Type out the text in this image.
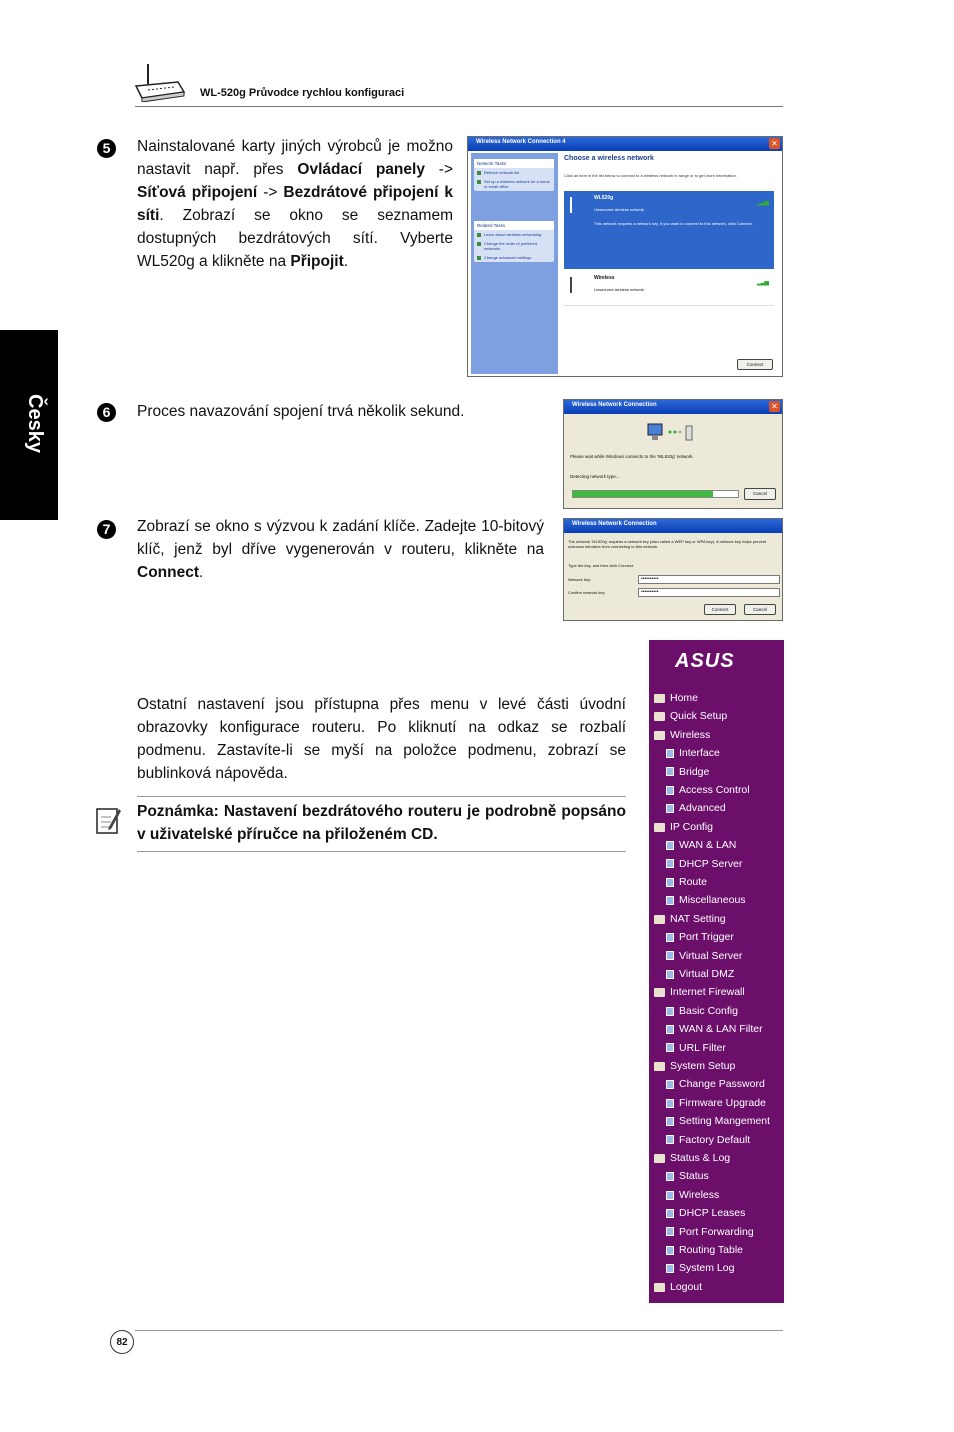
WL-520g Průvodce rychlou konfiguraci
Česky
5	Nainstalované karty jiných výrobců je možno nastavit např. přes Ovládací panely -> Síťová připojení -> Bezdrátové připojení k síti. Zobrazí se okno se seznamem dostupných bezdrátových sítí. Vyberte WL520g a klikněte na Připojit.
Wireless Network Connection 4	✕
Network Tasks
Refresh network list
Set up a wireless network for a home or small office
Related Tasks
Learn about wireless networking
Change the order of preferred networks
Change advanced settings
Choose a wireless network
Click an item in the list below to connect to a wireless network in range or to get more information.
WL520g
Unsecured wireless network
This network requires a network key. If you want to connect to this network, click Connect.
▂▃▅
Wireless
Unsecured wireless network
▂▃▅
Connect
6	Proces navazování spojení trvá několik sekund.	Wireless Network Connection	✕
Please wait while Windows connects to the 'WL520g' network.
Detecting network type...
Cancel
7	Zobrazí se okno s výzvou k zadání klíče. Zadejte 10-bitový klíč, jenž byl dříve vygenerován v routeru, klikněte na Connect.
Wireless Network Connection
The network 'WL520g' requires a network key (also called a WEP key or WPA key). A network key helps prevent unknown intruders from connecting to this network.
Type the key, and then click Connect.
Network key:	••••••••••
Confirm network key:	••••••••••
Connect	Cancel
Ostatní nastavení jsou přístupna přes menu v levé části úvodní obrazovky konfigurace routeru. Po kliknutí na odkaz se rozbalí podmenu. Zastavíte-li se myší na položce podmenu, zobrazí se bublinková nápověda.
Poznámka: Nastavení bezdrátového routeru je podrobně popsáno v uživatelské příručce na přiloženém CD.
ASUS
Home
Quick Setup
Wireless
Interface
Bridge
Access Control
Advanced
IP Config
WAN & LAN
DHCP Server
Route
Miscellaneous
NAT Setting
Port Trigger
Virtual Server
Virtual DMZ
Internet Firewall
Basic Config
WAN & LAN Filter
URL Filter
System Setup
Change Password
Firmware Upgrade
Setting Mangement
Factory Default
Status & Log
Status
Wireless
DHCP Leases
Port Forwarding
Routing Table
System Log
Logout
82
